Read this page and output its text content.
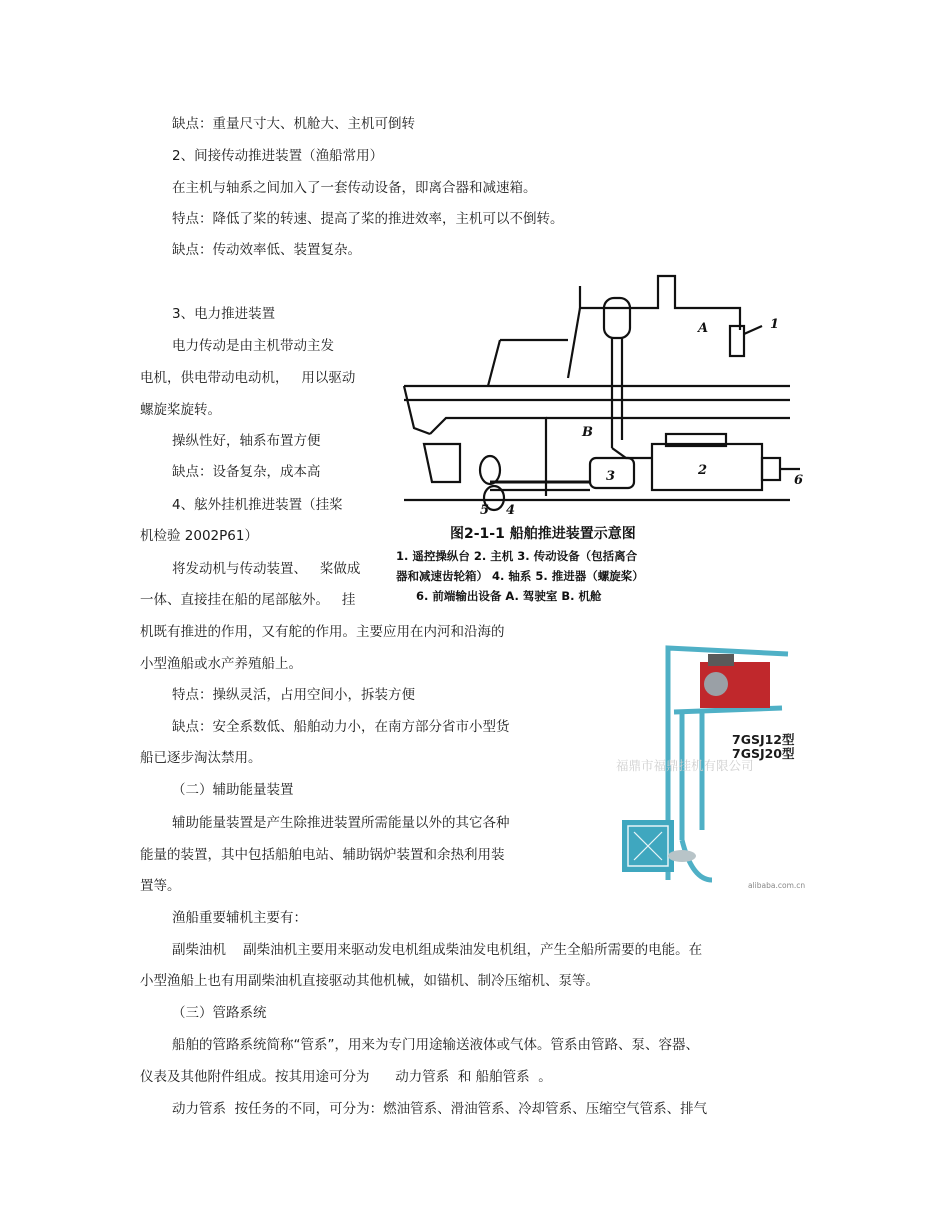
缺点：重量尺寸大、机舱大、主机可倒转
2、间接传动推进装置（渔船常用）
在主机与轴系之间加入了一套传动设备，即离合器和减速箱。
特点：降低了桨的转速、提高了桨的推进效率，主机可以不倒转。
缺点：传动效率低、装置复杂。
3、电力推进装置
电力传动是由主机带动主发
电机，供电带动电动机，   用以驱动
螺旋桨旋转。
操纵性好，轴系布置方便
缺点：设备复杂，成本高
4、舷外挂机推进装置（挂桨
机检验 2002P61）
将发动机与传动装置、   桨做成
一体、直接挂在船的尾部舷外。   挂
机既有推进的作用，又有舵的作用。主要应用在内河和沿海的
小型渔船或水产养殖船上。
特点：操纵灵活，占用空间小，拆装方便
缺点：安全系数低、船舶动力小，在南方部分省市小型货
船已逐步淘汰禁用。
（二）辅助能量装置
辅助能量装置是产生除推进装置所需能量以外的其它各种
能量的装置，其中包括船舶电站、辅助锅炉装置和余热利用装
置等。
渔船重要辅机主要有：
副柴油机    副柴油机主要用来驱动发电机组成柴油发电机组，产生全船所需要的电能。在
小型渔船上也有用副柴油机直接驱动其他机械，如锚机、制冷压缩机、泵等。
（三）管路系统
船舶的管路系统简称“管系”，用来为专门用途输送液体或气体。管系由管路、泵、容器、
仪表及其他附件组成。按其用途可分为      动力管系  和 船舶管系  。
动力管系  按任务的不同，可分为：燃油管系、滑油管系、冷却管系、压缩空气管系、排气
1
2
3
4
5
6
A
B
图2-1-1 船舶推进装置示意图
1. 遥控操纵台 2. 主机 3. 传动设备（包括离合
器和减速齿轮箱） 4. 轴系 5. 推进器（螺旋桨）
6. 前端输出设备 A. 驾驶室 B. 机舱
7GSJ12型
7GSJ20型
福鼎市福鼎挂机有限公司
alibaba.com.cn
